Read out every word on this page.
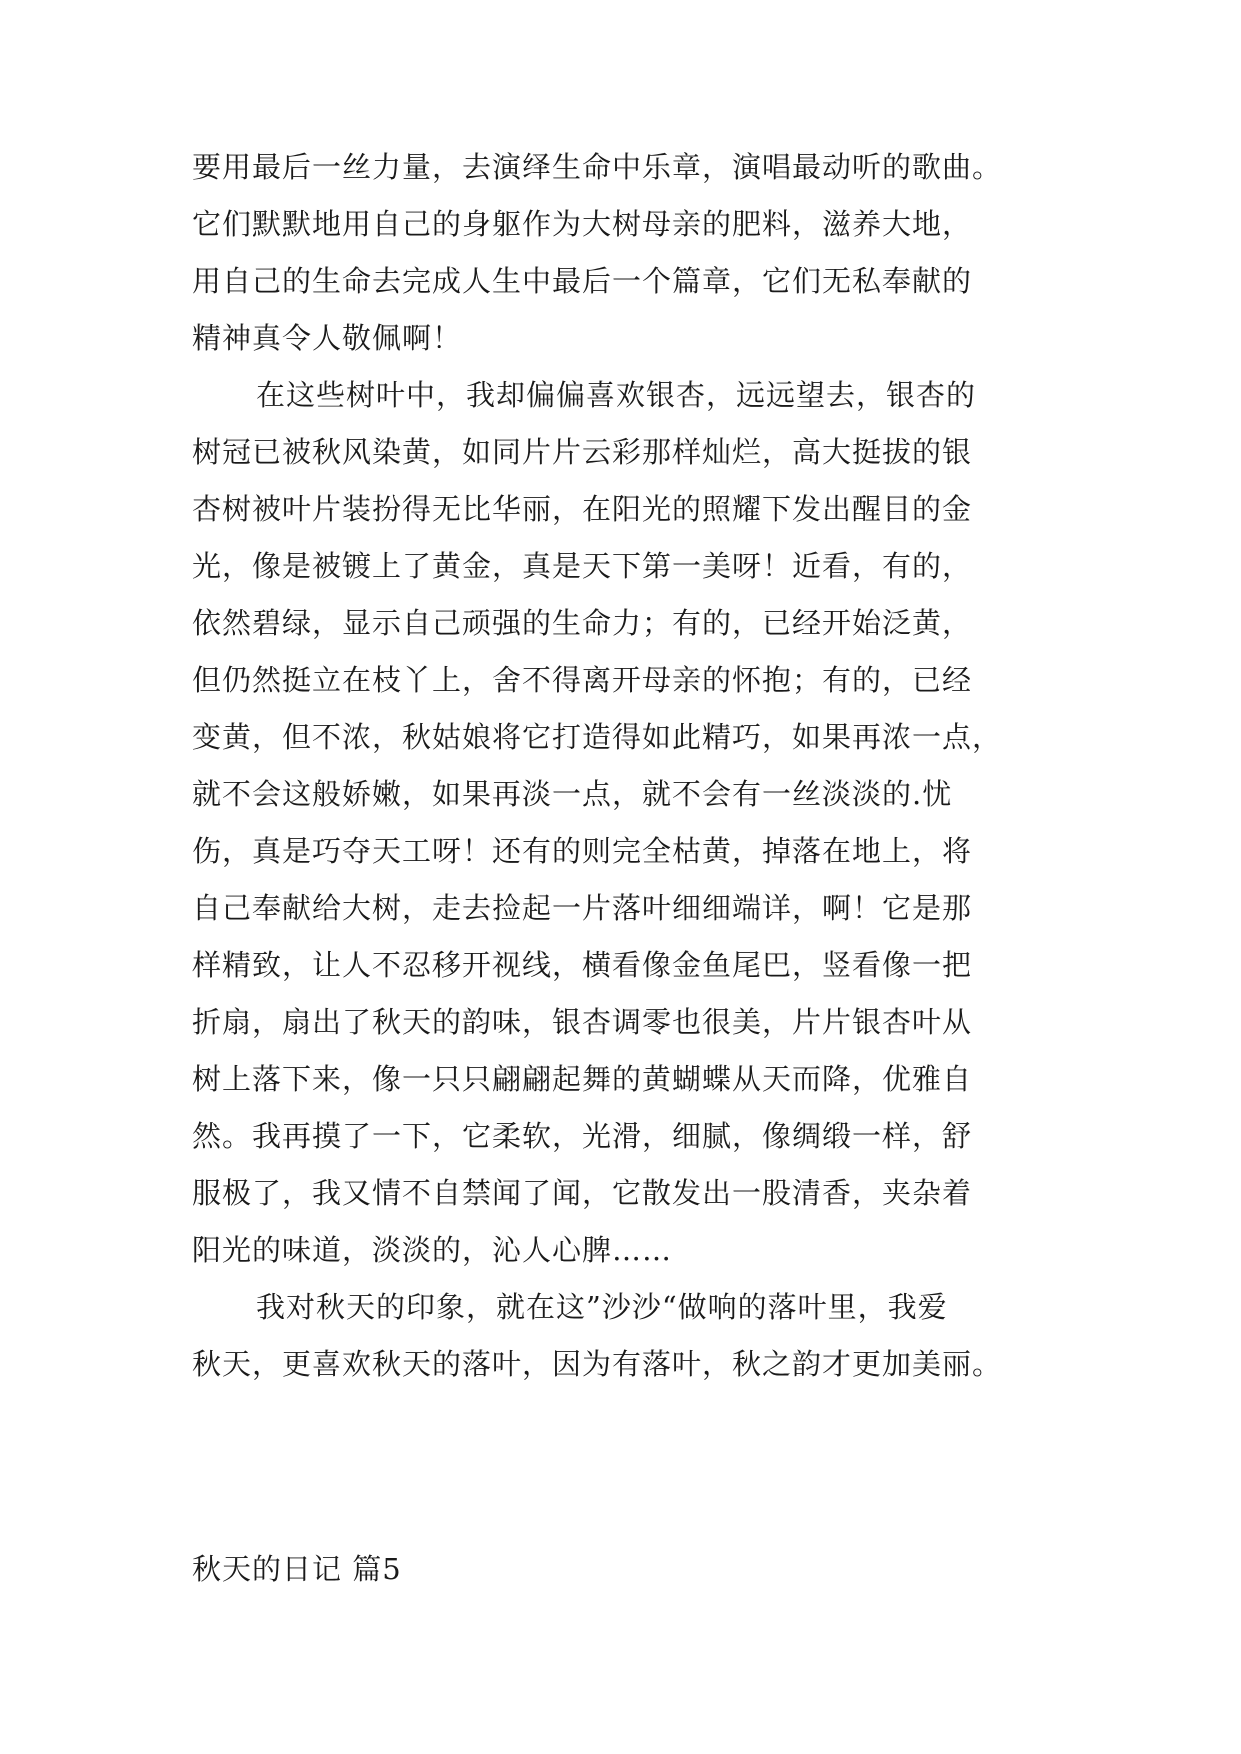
要用最后一丝力量，去演绎生命中乐章，演唱最动听的歌曲。

它们默默地用自己的身躯作为大树母亲的肥料，滋养大地，

用自己的生命去完成人生中最后一个篇章，它们无私奉献的

精神真令人敬佩啊！

在这些树叶中，我却偏偏喜欢银杏，远远望去，银杏的

树冠已被秋风染黄，如同片片云彩那样灿烂，高大挺拔的银

杏树被叶片装扮得无比华丽，在阳光的照耀下发出醒目的金

光，像是被镀上了黄金，真是天下第一美呀！近看，有的，

依然碧绿，显示自己顽强的生命力；有的，已经开始泛黄，

但仍然挺立在枝丫上，舍不得离开母亲的怀抱；有的，已经

变黄，但不浓，秋姑娘将它打造得如此精巧，如果再浓一点，

就不会这般娇嫩，如果再淡一点，就不会有一丝淡淡的.忧

伤，真是巧夺天工呀！还有的则完全枯黄，掉落在地上，将

自己奉献给大树，走去捡起一片落叶细细端详，啊！它是那

样精致，让人不忍移开视线，横看像金鱼尾巴，竖看像一把

折扇，扇出了秋天的韵味，银杏调零也很美，片片银杏叶从

树上落下来，像一只只翩翩起舞的黄蝴蝶从天而降，优雅自

然。我再摸了一下，它柔软，光滑，细腻，像绸缎一样，舒

服极了，我又情不自禁闻了闻，它散发出一股清香，夹杂着

阳光的味道，淡淡的，沁人心脾……

我对秋天的印象，就在这”沙沙“做响的落叶里，我爱

秋天，更喜欢秋天的落叶，因为有落叶，秋之韵才更加美丽。

秋天的日记 篇5
